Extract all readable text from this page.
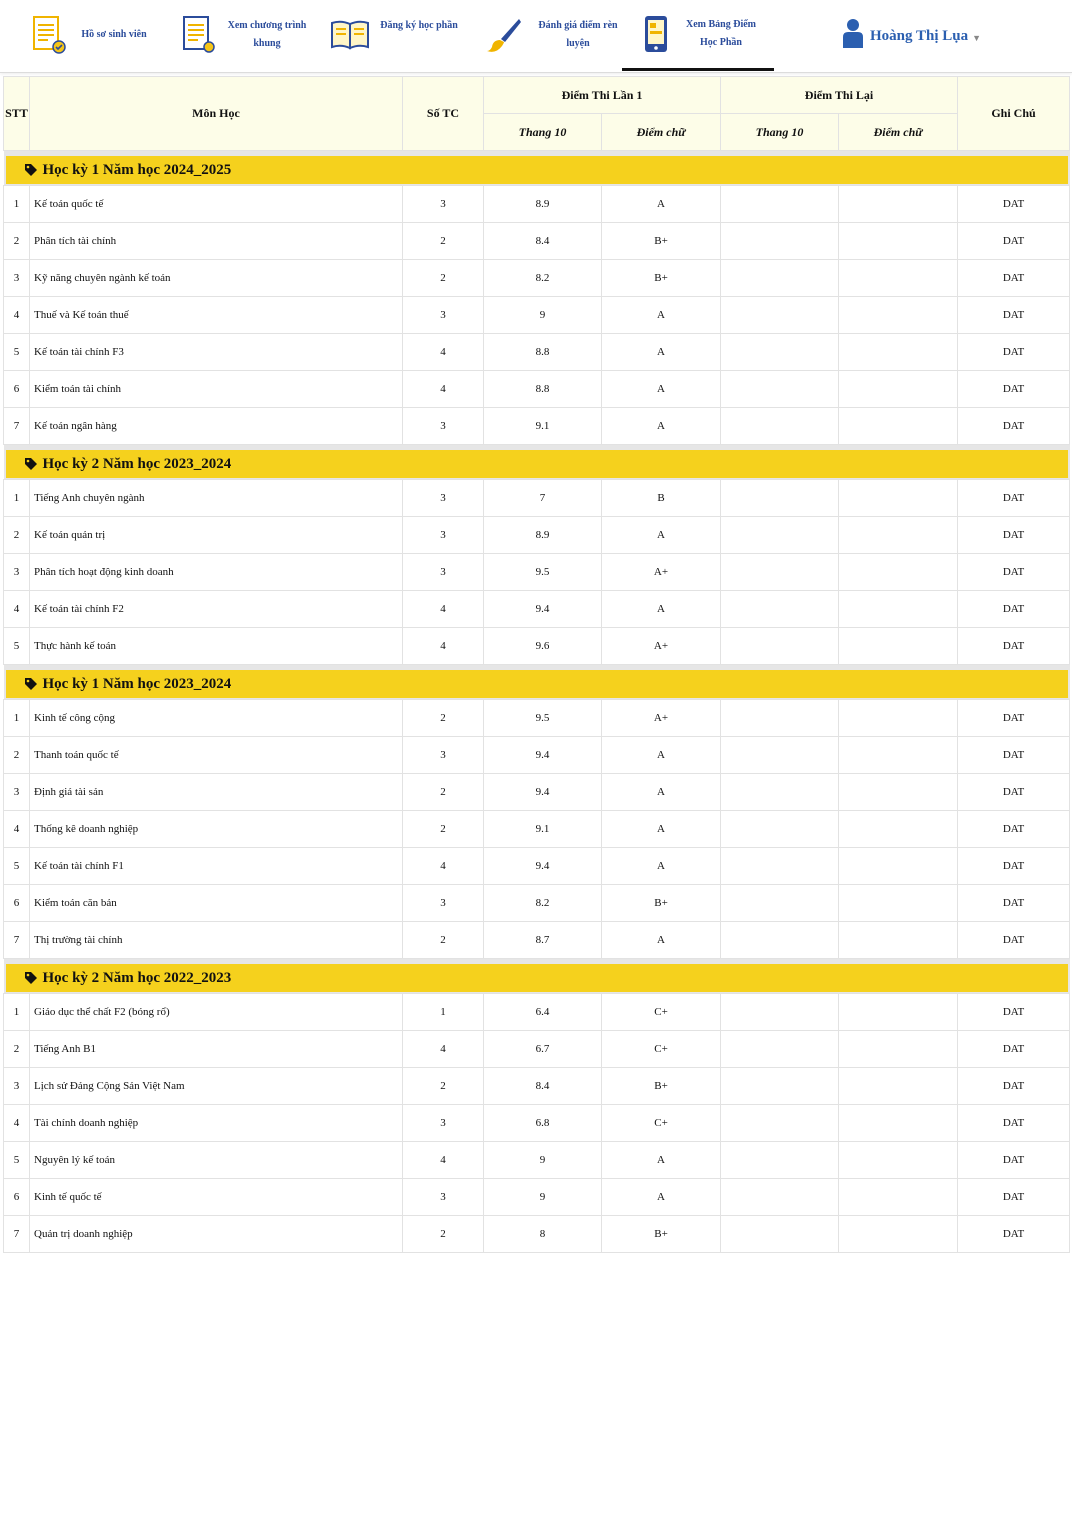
Hồ sơ sinh viên
Xem chương trình khung
Đăng ký học phần	Đánh giá điểm rèn luyện
Xem Bảng Điểm Học Phần	Hoàng Thị Lụa ▼
STT	Môn Học	Số TC	Điểm Thi Lần 1		Điểm Thi Lại		Ghi Chú
			Thang 10	Điểm chữ	Thang 10	Điểm chữ	

Học kỳ 1 Năm học 2024_2025							

1	Kế toán quốc tế	3	8.9	A			DAT
2	Phân tích tài chính	2	8.4	B+			DAT
3	Kỹ năng chuyên ngành kế toán	2	8.2	B+			DAT
4	Thuế và Kế toán thuế	3	9	A			DAT
5	Kế toán tài chính F3	4	8.8	A			DAT
6	Kiểm toán tài chính	4	8.8	A			DAT
7	Kế toán ngân hàng	3	9.1	A			DAT

Học kỳ 2 Năm học 2023_2024							

1	Tiếng Anh chuyên ngành	3	7	B			DAT
2	Kế toán quản trị	3	8.9	A			DAT
3	Phân tích hoạt động kinh doanh	3	9.5	A+			DAT
4	Kế toán tài chính F2	4	9.4	A			DAT
5	Thực hành kế toán	4	9.6	A+			DAT

Học kỳ 1 Năm học 2023_2024							

1	Kinh tế công cộng	2	9.5	A+			DAT
2	Thanh toán quốc tế	3	9.4	A			DAT
3	Định giá tài sản	2	9.4	A			DAT
4	Thống kê doanh nghiệp	2	9.1	A			DAT
5	Kế toán tài chính F1	4	9.4	A			DAT
6	Kiểm toán căn bản	3	8.2	B+			DAT
7	Thị trường tài chính	2	8.7	A			DAT

Học kỳ 2 Năm học 2022_2023							

1	Giáo dục thể chất F2 (bóng rổ)	1	6.4	C+			DAT
2	Tiếng Anh B1	4	6.7	C+			DAT
3	Lịch sử Đảng Cộng Sản Việt Nam	2	8.4	B+			DAT
4	Tài chính doanh nghiệp	3	6.8	C+			DAT
5	Nguyên lý kế toán	4	9	A			DAT
6	Kinh tế quốc tế	3	9	A			DAT
7	Quản trị doanh nghiệp	2	8	B+			DAT
